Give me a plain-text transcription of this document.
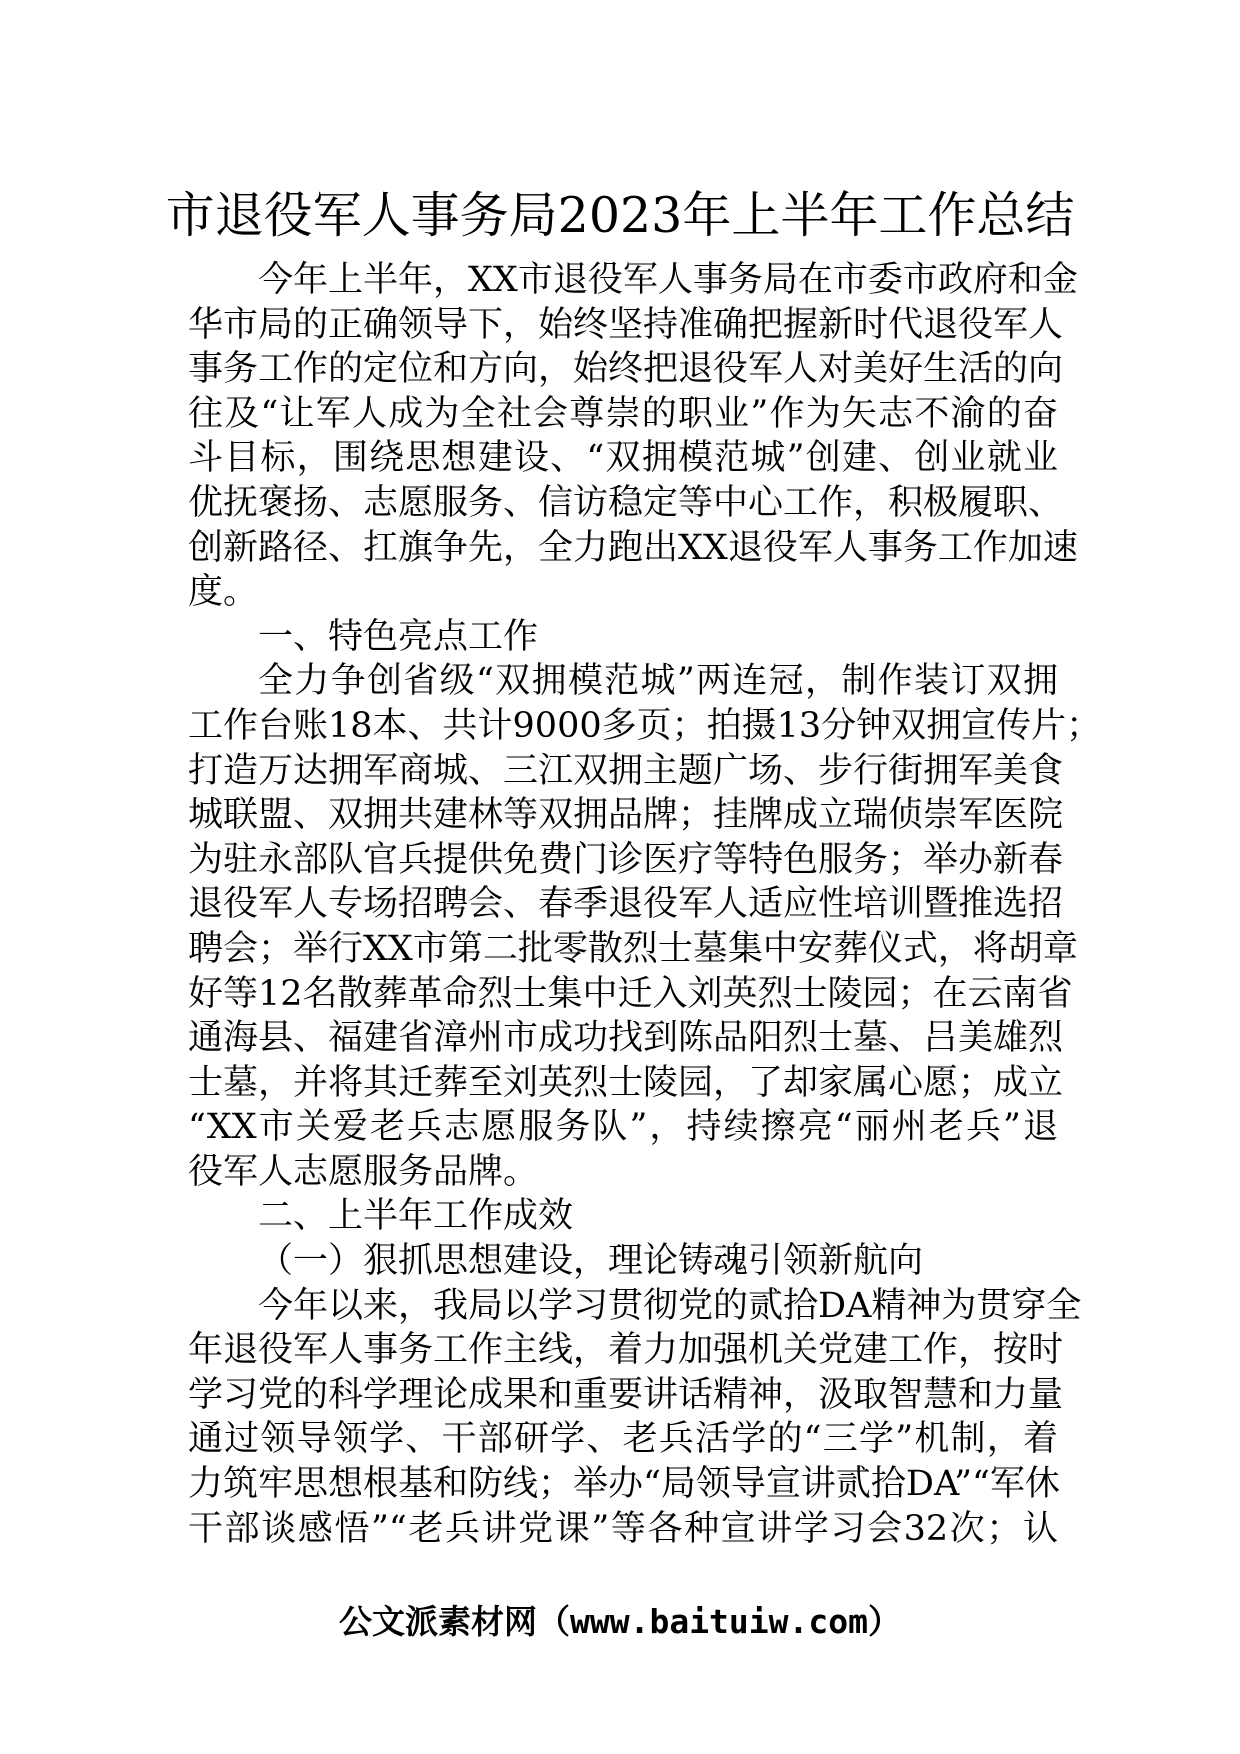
市退役军人事务局2023年上半年工作总结
今年上半年，XX市退役军人事务局在市委市政府和金
华市局的正确领导下，始终坚持准确把握新时代退役军人
事务工作的定位和方向，始终把退役军人对美好生活的向
往及“让军人成为全社会尊崇的职业”作为矢志不渝的奋
斗目标，围绕思想建设、“双拥模范城”创建、创业就业
优抚褒扬、志愿服务、信访稳定等中心工作，积极履职、
创新路径、扛旗争先，全力跑出XX退役军人事务工作加速
度。
一、特色亮点工作
全力争创省级“双拥模范城”两连冠，制作装订双拥
工作台账18本、共计9000多页；拍摄13分钟双拥宣传片；
打造万达拥军商城、三江双拥主题广场、步行街拥军美食
城联盟、双拥共建林等双拥品牌；挂牌成立瑞侦崇军医院
为驻永部队官兵提供免费门诊医疗等特色服务；举办新春
退役军人专场招聘会、春季退役军人适应性培训暨推选招
聘会；举行XX市第二批零散烈士墓集中安葬仪式，将胡章
好等12名散葬革命烈士集中迁入刘英烈士陵园；在云南省
通海县、福建省漳州市成功找到陈品阳烈士墓、吕美雄烈
士墓，并将其迁葬至刘英烈士陵园，了却家属心愿；成立
“XX市关爱老兵志愿服务队”，持续擦亮“丽州老兵”退
役军人志愿服务品牌。
二、上半年工作成效
（一）狠抓思想建设，理论铸魂引领新航向
今年以来，我局以学习贯彻党的贰拾DA精神为贯穿全
年退役军人事务工作主线，着力加强机关党建工作，按时
学习党的科学理论成果和重要讲话精神，汲取智慧和力量
通过领导领学、干部研学、老兵活学的“三学”机制，着
力筑牢思想根基和防线；举办“局领导宣讲贰拾DA”“军休
干部谈感悟”“老兵讲党课”等各种宣讲学习会32次；认
公文派素材网（www.baituiw.com）
